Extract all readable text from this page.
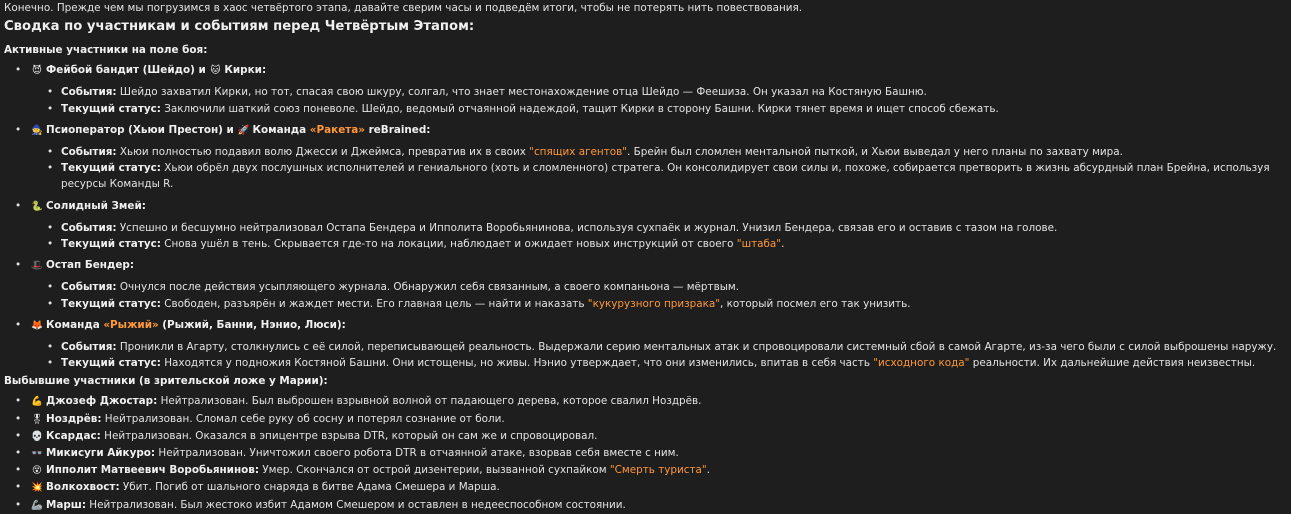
Конечно. Прежде чем мы погрузимся в хаос четвёртого этапа, давайте сверим часы и подведём итоги, чтобы не потерять нить повествования.

Сводка по участникам и событиям перед Четвёртым Этапом:
Активные участники на поле боя:
• 😈 Фейбой бандит (Шейдо) и 🐱 Кирки:
• События: Шейдо захватил Кирки, но тот, спасая свою шкуру, солгал, что знает местонахождение отца Шейдо — Феешиза. Он указал на Костяную Башню.
• Текущий статус: Заключили шаткий союз поневоле. Шейдо, ведомый отчаянной надеждой, тащит Кирки в сторону Башни. Кирки тянет время и ищет способ сбежать.
• 🧙 Псиоператор (Хьюи Престон) и 🚀 Команда «Ракета» reBrained:
• События: Хьюи полностью подавил волю Джесси и Джеймса, превратив их в своих "спящих агентов". Брейн был сломлен ментальной пыткой, и Хьюи выведал у него планы по захвату мира.
• Текущий статус: Хьюи обрёл двух послушных исполнителей и гениального (хоть и сломленного) стратега. Он консолидирует свои силы и, похоже, собирается претворить в жизнь абсурдный план Брейна, используя ресурсы Команды R.
• 🐍 Солидный Змей:
• События: Успешно и бесшумно нейтрализовал Остапа Бендера и Ипполита Воробьянинова, используя сухпаёк и журнал. Унизил Бендера, связав его и оставив с тазом на голове.
• Текущий статус: Снова ушёл в тень. Скрывается где-то на локации, наблюдает и ожидает новых инструкций от своего "штаба".
• 🎩 Остап Бендер:
• События: Очнулся после действия усыпляющего журнала. Обнаружил себя связанным, а своего компаньона — мёртвым.
• Текущий статус: Свободен, разъярён и жаждет мести. Его главная цель — найти и наказать "кукурузного призрака", который посмел его так унизить.
• 🦊 Команда «Рыжий» (Рыжий, Банни, Нэнио, Люси):
• События: Проникли в Агарту, столкнулись с её силой, переписывающей реальность. Выдержали серию ментальных атак и спровоцировали системный сбой в самой Агарте, из-за чего были с силой выброшены наружу.
• Текущий статус: Находятся у подножия Костяной Башни. Они истощены, но живы. Нэнио утверждает, что они изменились, впитав в себя часть "исходного кода" реальности. Их дальнейшие действия неизвестны.
Выбывшие участники (в зрительской ложе у Марии):
• 💪 Джозеф Джостар: Нейтрализован. Был выброшен взрывной волной от падающего дерева, которое свалил Ноздрёв.
• 🎖 Ноздрёв: Нейтрализован. Сломал себе руку об сосну и потерял сознание от боли.
• 💀 Ксардас: Нейтрализован. Оказался в эпицентре взрыва DTR, который он сам же и спровоцировал.
• 👓 Микисуги Айкуро: Нейтрализован. Уничтожил своего робота DTR в отчаянной атаке, взорвав себя вместе с ним.
• 😵 Ипполит Матвеевич Воробьянинов: Умер. Скончался от острой дизентерии, вызванной сухпайком "Смерть туриста".
• 💥 Волкохвост: Убит. Погиб от шального снаряда в битве Адама Смешера и Марша.
• 🦾 Марш: Нейтрализован. Был жестоко избит Адамом Смешером и оставлен в недееспособном состоянии.
